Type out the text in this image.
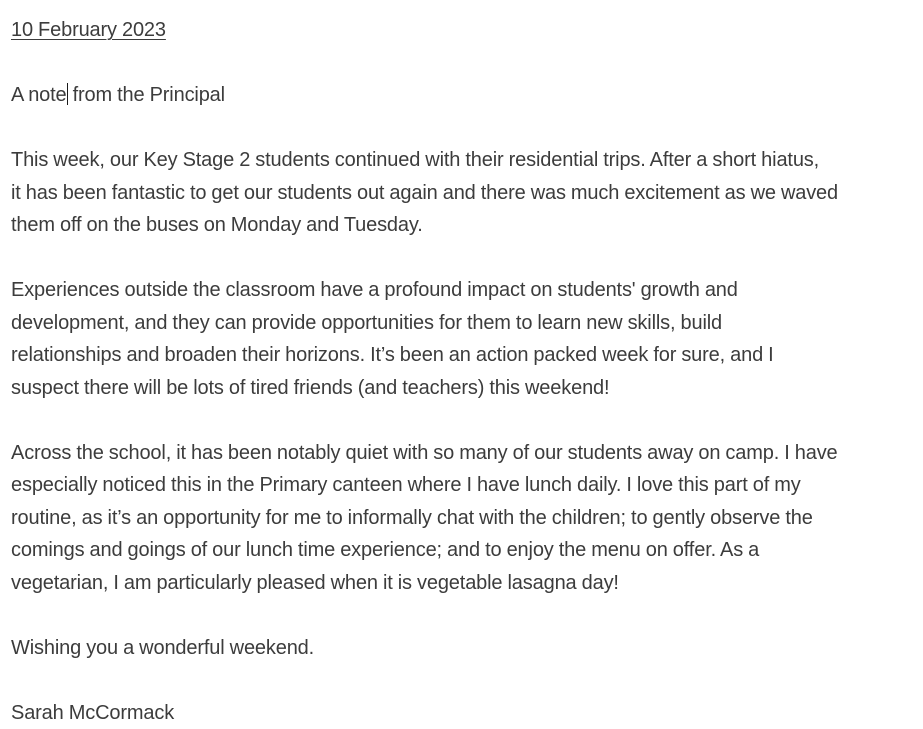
10 February 2023

A note from the Principal

This week, our Key Stage 2 students continued with their residential trips. After a short hiatus,

it has been fantastic to get our students out again and there was much excitement as we waved

them off on the buses on Monday and Tuesday.

Experiences outside the classroom have a profound impact on students' growth and

development, and they can provide opportunities for them to learn new skills, build

relationships and broaden their horizons. It’s been an action packed week for sure, and I

suspect there will be lots of tired friends (and teachers) this weekend!

Across the school, it has been notably quiet with so many of our students away on camp. I have

especially noticed this in the Primary canteen where I have lunch daily. I love this part of my

routine, as it’s an opportunity for me to informally chat with the children; to gently observe the

comings and goings of our lunch time experience; and to enjoy the menu on offer. As a

vegetarian, I am particularly pleased when it is vegetable lasagna day!

Wishing you a wonderful weekend.

Sarah McCormack
